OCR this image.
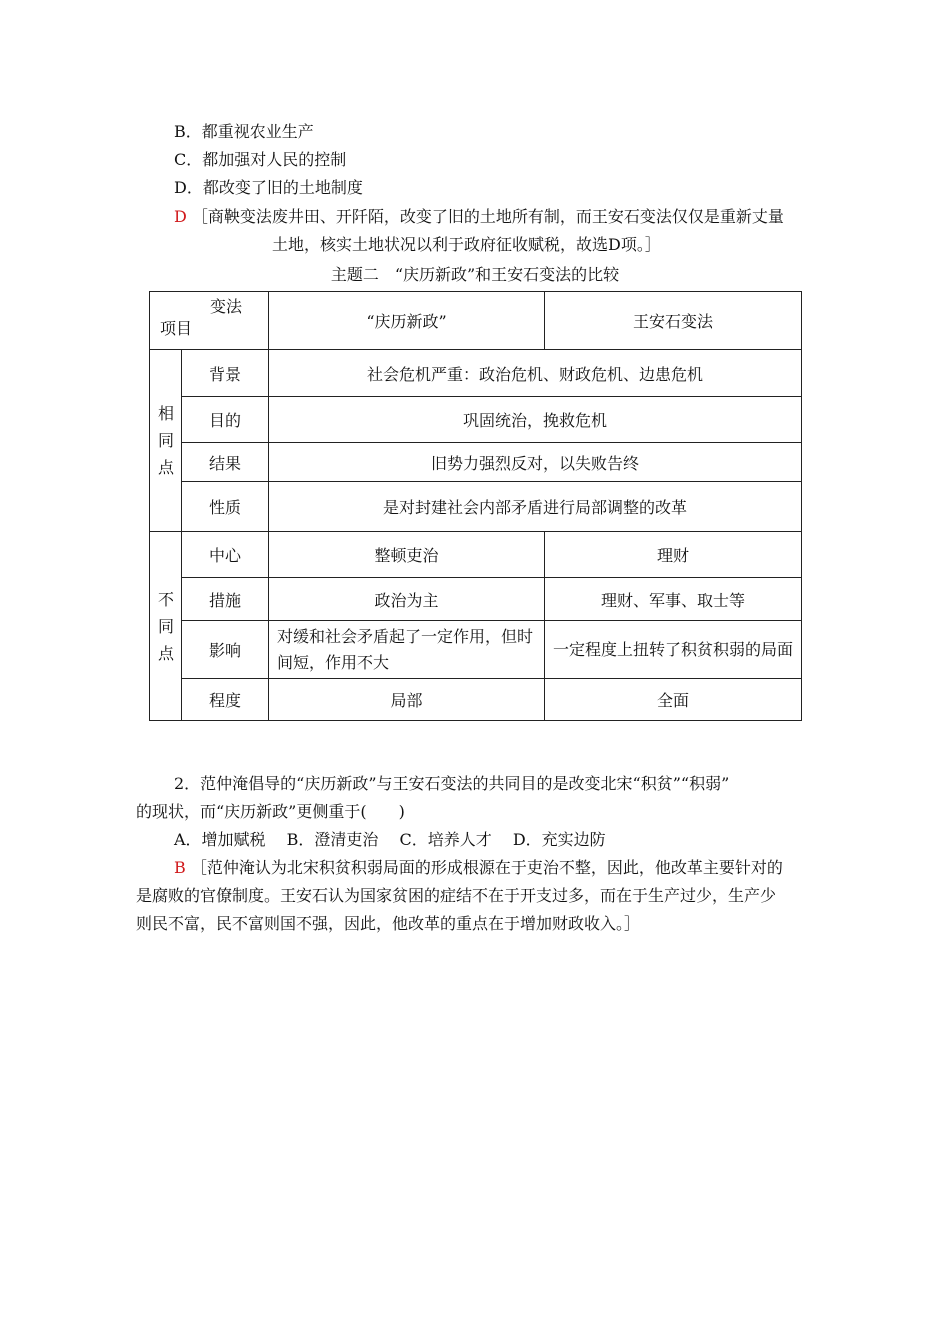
B．都重视农业生产
C．都加强对人民的控制
D．都改变了旧的土地制度
D ［商鞅变法废井田、开阡陌，改变了旧的土地所有制，而王安石变法仅仅是重新丈量
土地，核实土地状况以利于政府征收赋税，故选D项。］
主题二　“庆历新政”和王安石变法的比较
变法
项目		“庆历新政”	王安石变法

相
同
点	背景	社会危机严重：政治危机、财政危机、边患危机	
	目的	巩固统治，挽救危机	
	结果	旧势力强烈反对，以失败告终	
	性质	是对封建社会内部矛盾进行局部调整的改革	

不
同
点	中心	整顿吏治	理财
	措施	政治为主	理财、军事、取士等
	影响	对缓和社会矛盾起了一定作用，但时间短，作用不大	一定程度上扭转了积贫积弱的局面
	程度	局部	全面
2．范仲淹倡导的“庆历新政”与王安石变法的共同目的是改变北宋“积贫”“积弱”
的现状，而“庆历新政”更侧重于(　　)
A．增加赋税　 B．澄清吏治　 C．培养人才　 D．充实边防
B ［范仲淹认为北宋积贫积弱局面的形成根源在于吏治不整，因此，他改革主要针对的
是腐败的官僚制度。王安石认为国家贫困的症结不在于开支过多，而在于生产过少，生产少
则民不富，民不富则国不强，因此，他改革的重点在于增加财政收入。］
